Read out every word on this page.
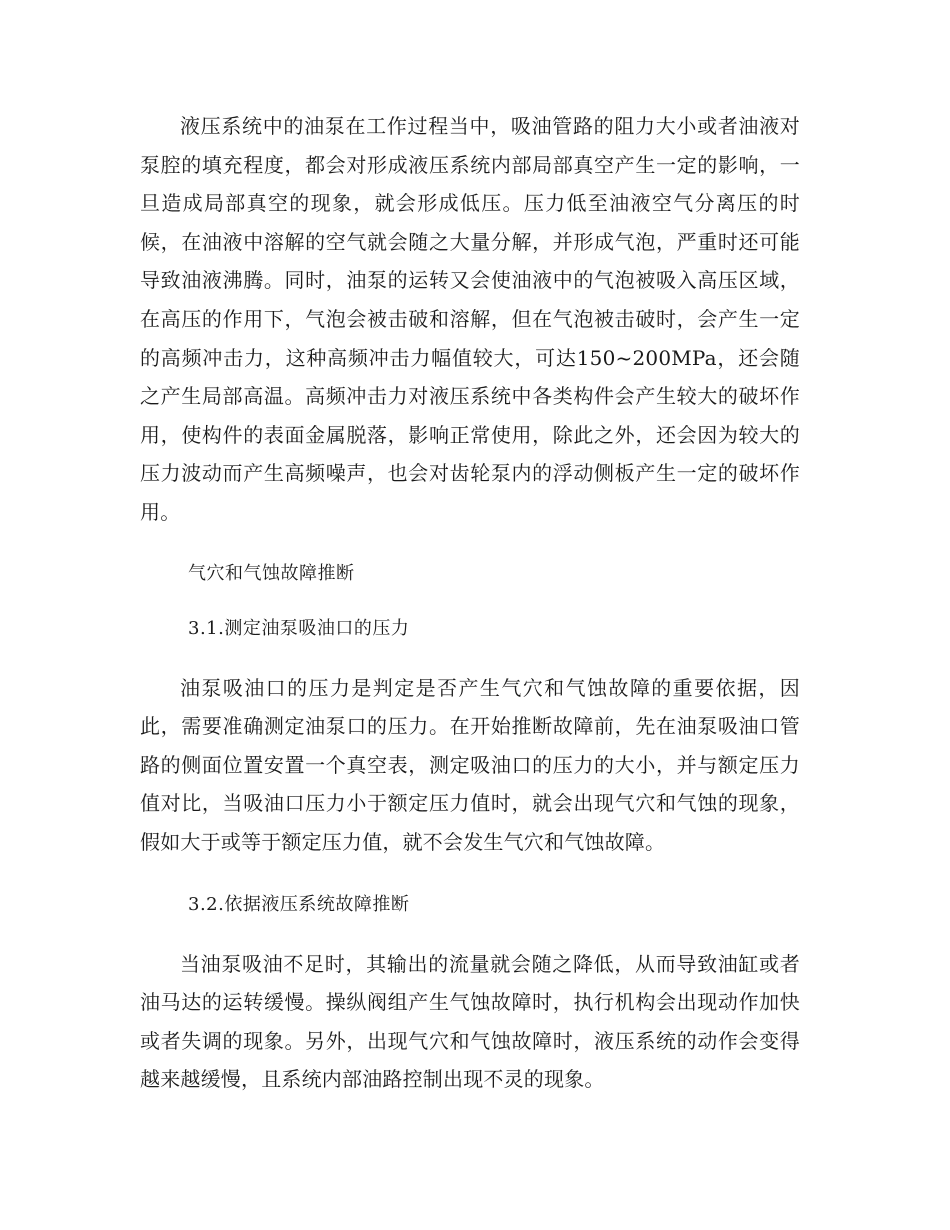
液压系统中的油泵在工作过程当中，吸油管路的阻力大小或者油液对泵腔的填充程度，都会对形成液压系统内部局部真空产生一定的影响，一旦造成局部真空的现象，就会形成低压。压力低至油液空气分离压的时候，在油液中溶解的空气就会随之大量分解，并形成气泡，严重时还可能导致油液沸腾。同时，油泵的运转又会使油液中的气泡被吸入高压区域，在高压的作用下，气泡会被击破和溶解，但在气泡被击破时，会产生一定的高频冲击力，这种高频冲击力幅值较大，可达150~200MPa，还会随之产生局部高温。高频冲击力对液压系统中各类构件会产生较大的破坏作用，使构件的表面金属脱落，影响正常使用，除此之外，还会因为较大的压力波动而产生高频噪声，也会对齿轮泵内的浮动侧板产生一定的破坏作用。

气穴和气蚀故障推断

3.1.测定油泵吸油口的压力

油泵吸油口的压力是判定是否产生气穴和气蚀故障的重要依据，因此，需要准确测定油泵口的压力。在开始推断故障前，先在油泵吸油口管路的侧面位置安置一个真空表，测定吸油口的压力的大小，并与额定压力值对比，当吸油口压力小于额定压力值时，就会出现气穴和气蚀的现象，假如大于或等于额定压力值，就不会发生气穴和气蚀故障。

3.2.依据液压系统故障推断

当油泵吸油不足时，其输出的流量就会随之降低，从而导致油缸或者油马达的运转缓慢。操纵阀组产生气蚀故障时，执行机构会出现动作加快或者失调的现象。另外，出现气穴和气蚀故障时，液压系统的动作会变得越来越缓慢，且系统内部油路控制出现不灵的现象。
